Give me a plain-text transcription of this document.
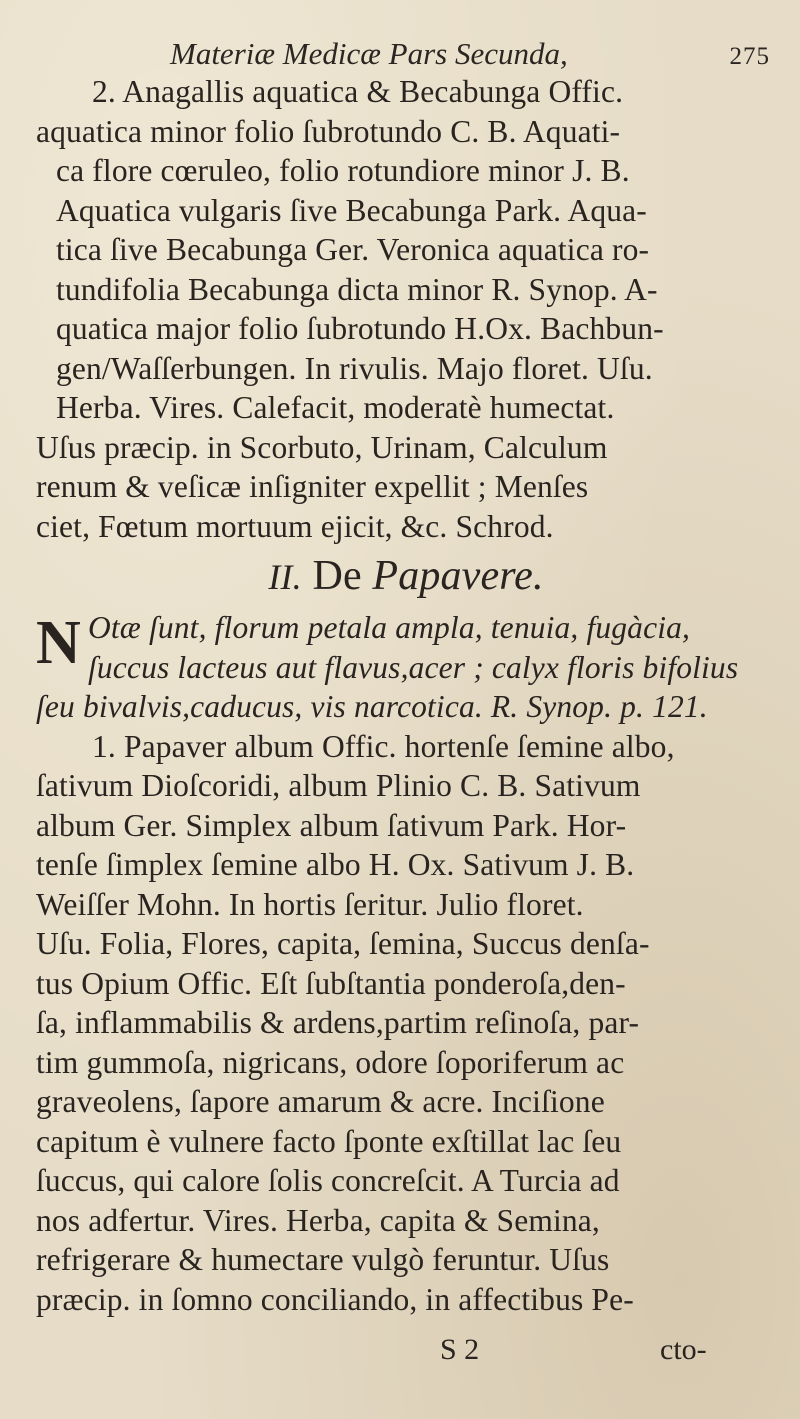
Materiæ Medicæ Pars Secunda,	275
2. Anagallis aquatica & Becabunga Offic.
aquatica minor folio ſubrotundo C. B. Aquati-
ca flore cœruleo, folio rotundiore minor J. B.
Aquatica vulgaris ſive Becabunga Park. Aqua-
tica ſive Becabunga Ger. Veronica aquatica ro-
tundifolia Becabunga dicta minor R. Synop. A-
quatica major folio ſubrotundo H.Ox. Bachbun-
gen/Waſſerbungen. In rivulis. Majo floret. Uſu.
Herba. Vires. Calefacit, moderatè humectat.
Uſus præcip. in Scorbuto, Urinam, Calculum
renum & veſicæ inſigniter expellit ; Menſes
ciet, Fœtum mortuum ejicit, &c. Schrod.
II. De Papavere.
N Otæ ſunt, florum petala ampla, tenuia, fugàcia,
ſuccus lacteus aut flavus,acer ; calyx floris bifolius
ſeu bivalvis,caducus, vis narcotica. R. Synop. p. 121.
1. Papaver album Offic. hortenſe ſemine albo,
ſativum Dioſcoridi, album Plinio C. B. Sativum
album Ger. Simplex album ſativum Park. Hor-
tenſe ſimplex ſemine albo H. Ox. Sativum J. B.
Weiſſer Mohn. In hortis ſeritur. Julio floret.
Uſu. Folia, Flores, capita, ſemina, Succus denſa-
tus Opium Offic. Eſt ſubſtantia ponderoſa,den-
ſa, inflammabilis & ardens,partim reſinoſa, par-
tim gummoſa, nigricans, odore ſoporiferum ac
graveolens, ſapore amarum & acre. Inciſione
capitum è vulnere facto ſponte exſtillat lac ſeu
ſuccus, qui calore ſolis concreſcit. A Turcia ad
nos adfertur. Vires. Herba, capita & Semina,
refrigerare & humectare vulgò feruntur. Uſus
præcip. in ſomno conciliando, in affectibus Pe-
S 2	cto-
